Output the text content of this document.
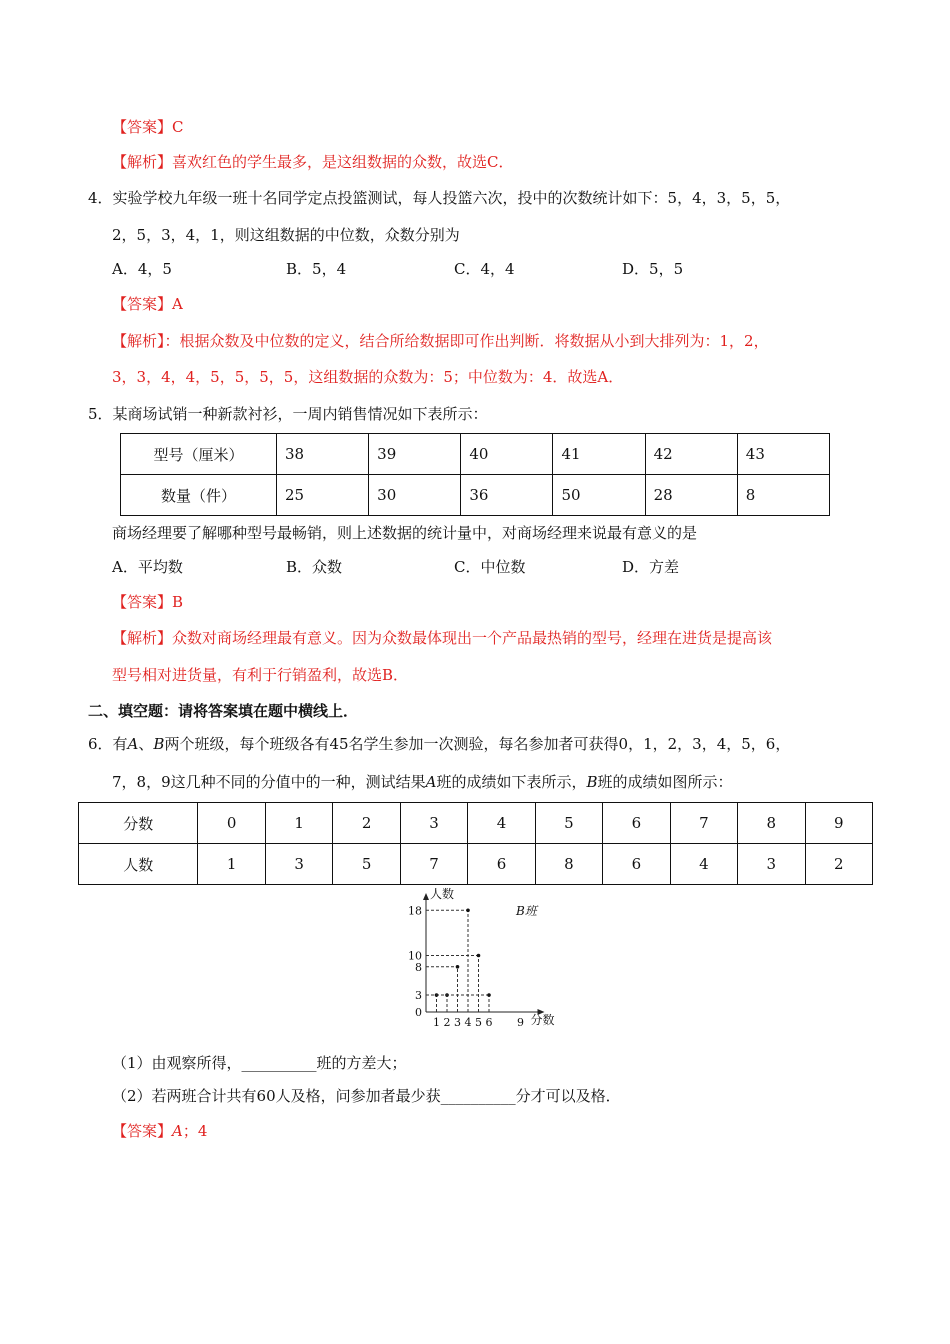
【答案】C
【解析】喜欢红色的学生最多，是这组数据的众数，故选C．
4．实验学校九年级一班十名同学定点投篮测试，每人投篮六次，投中的次数统计如下：5，4，3，5，5，
2，5，3，4，1，则这组数据的中位数，众数分别为
A．4，5	B．5，4	C．4，4	D．5，5
【答案】A
【解析】：根据众数及中位数的定义，结合所给数据即可作出判断．将数据从小到大排列为：1，2，
3，3，4，4，5，5，5，5，这组数据的众数为：5；中位数为：4．故选A．
5．某商场试销一种新款衬衫，一周内销售情况如下表所示：
型号（厘米）	38	39	40	41	42	43
数量（件）	25	30	36	50	28	8
商场经理要了解哪种型号最畅销，则上述数据的统计量中，对商场经理来说最有意义的是
A．平均数	B．众数	C．中位数	D．方差
【答案】B
【解析】众数对商场经理最有意义。因为众数最体现出一个产品最热销的型号，经理在进货是提高该
型号相对进货量，有利于行销盈利，故选B．
二、填空题：请将答案填在题中横线上．
6．有A、B两个班级，每个班级各有45名学生参加一次测验，每名参加者可获得0，1，2，3，4，5，6，
7，8，9这几种不同的分值中的一种，测试结果A班的成绩如下表所示，B班的成绩如图所示：
分数	0	1	2	3	4	5	6	7	8	9
人数	1	3	5	7	6	8	6	4	3	2
人数
分数
B班
0
3
8
10
18
1 2 3 4 5 6 9
（1）由观察所得，__________班的方差大；
（2）若两班合计共有60人及格，问参加者最少获__________分才可以及格．
【答案】A；4
